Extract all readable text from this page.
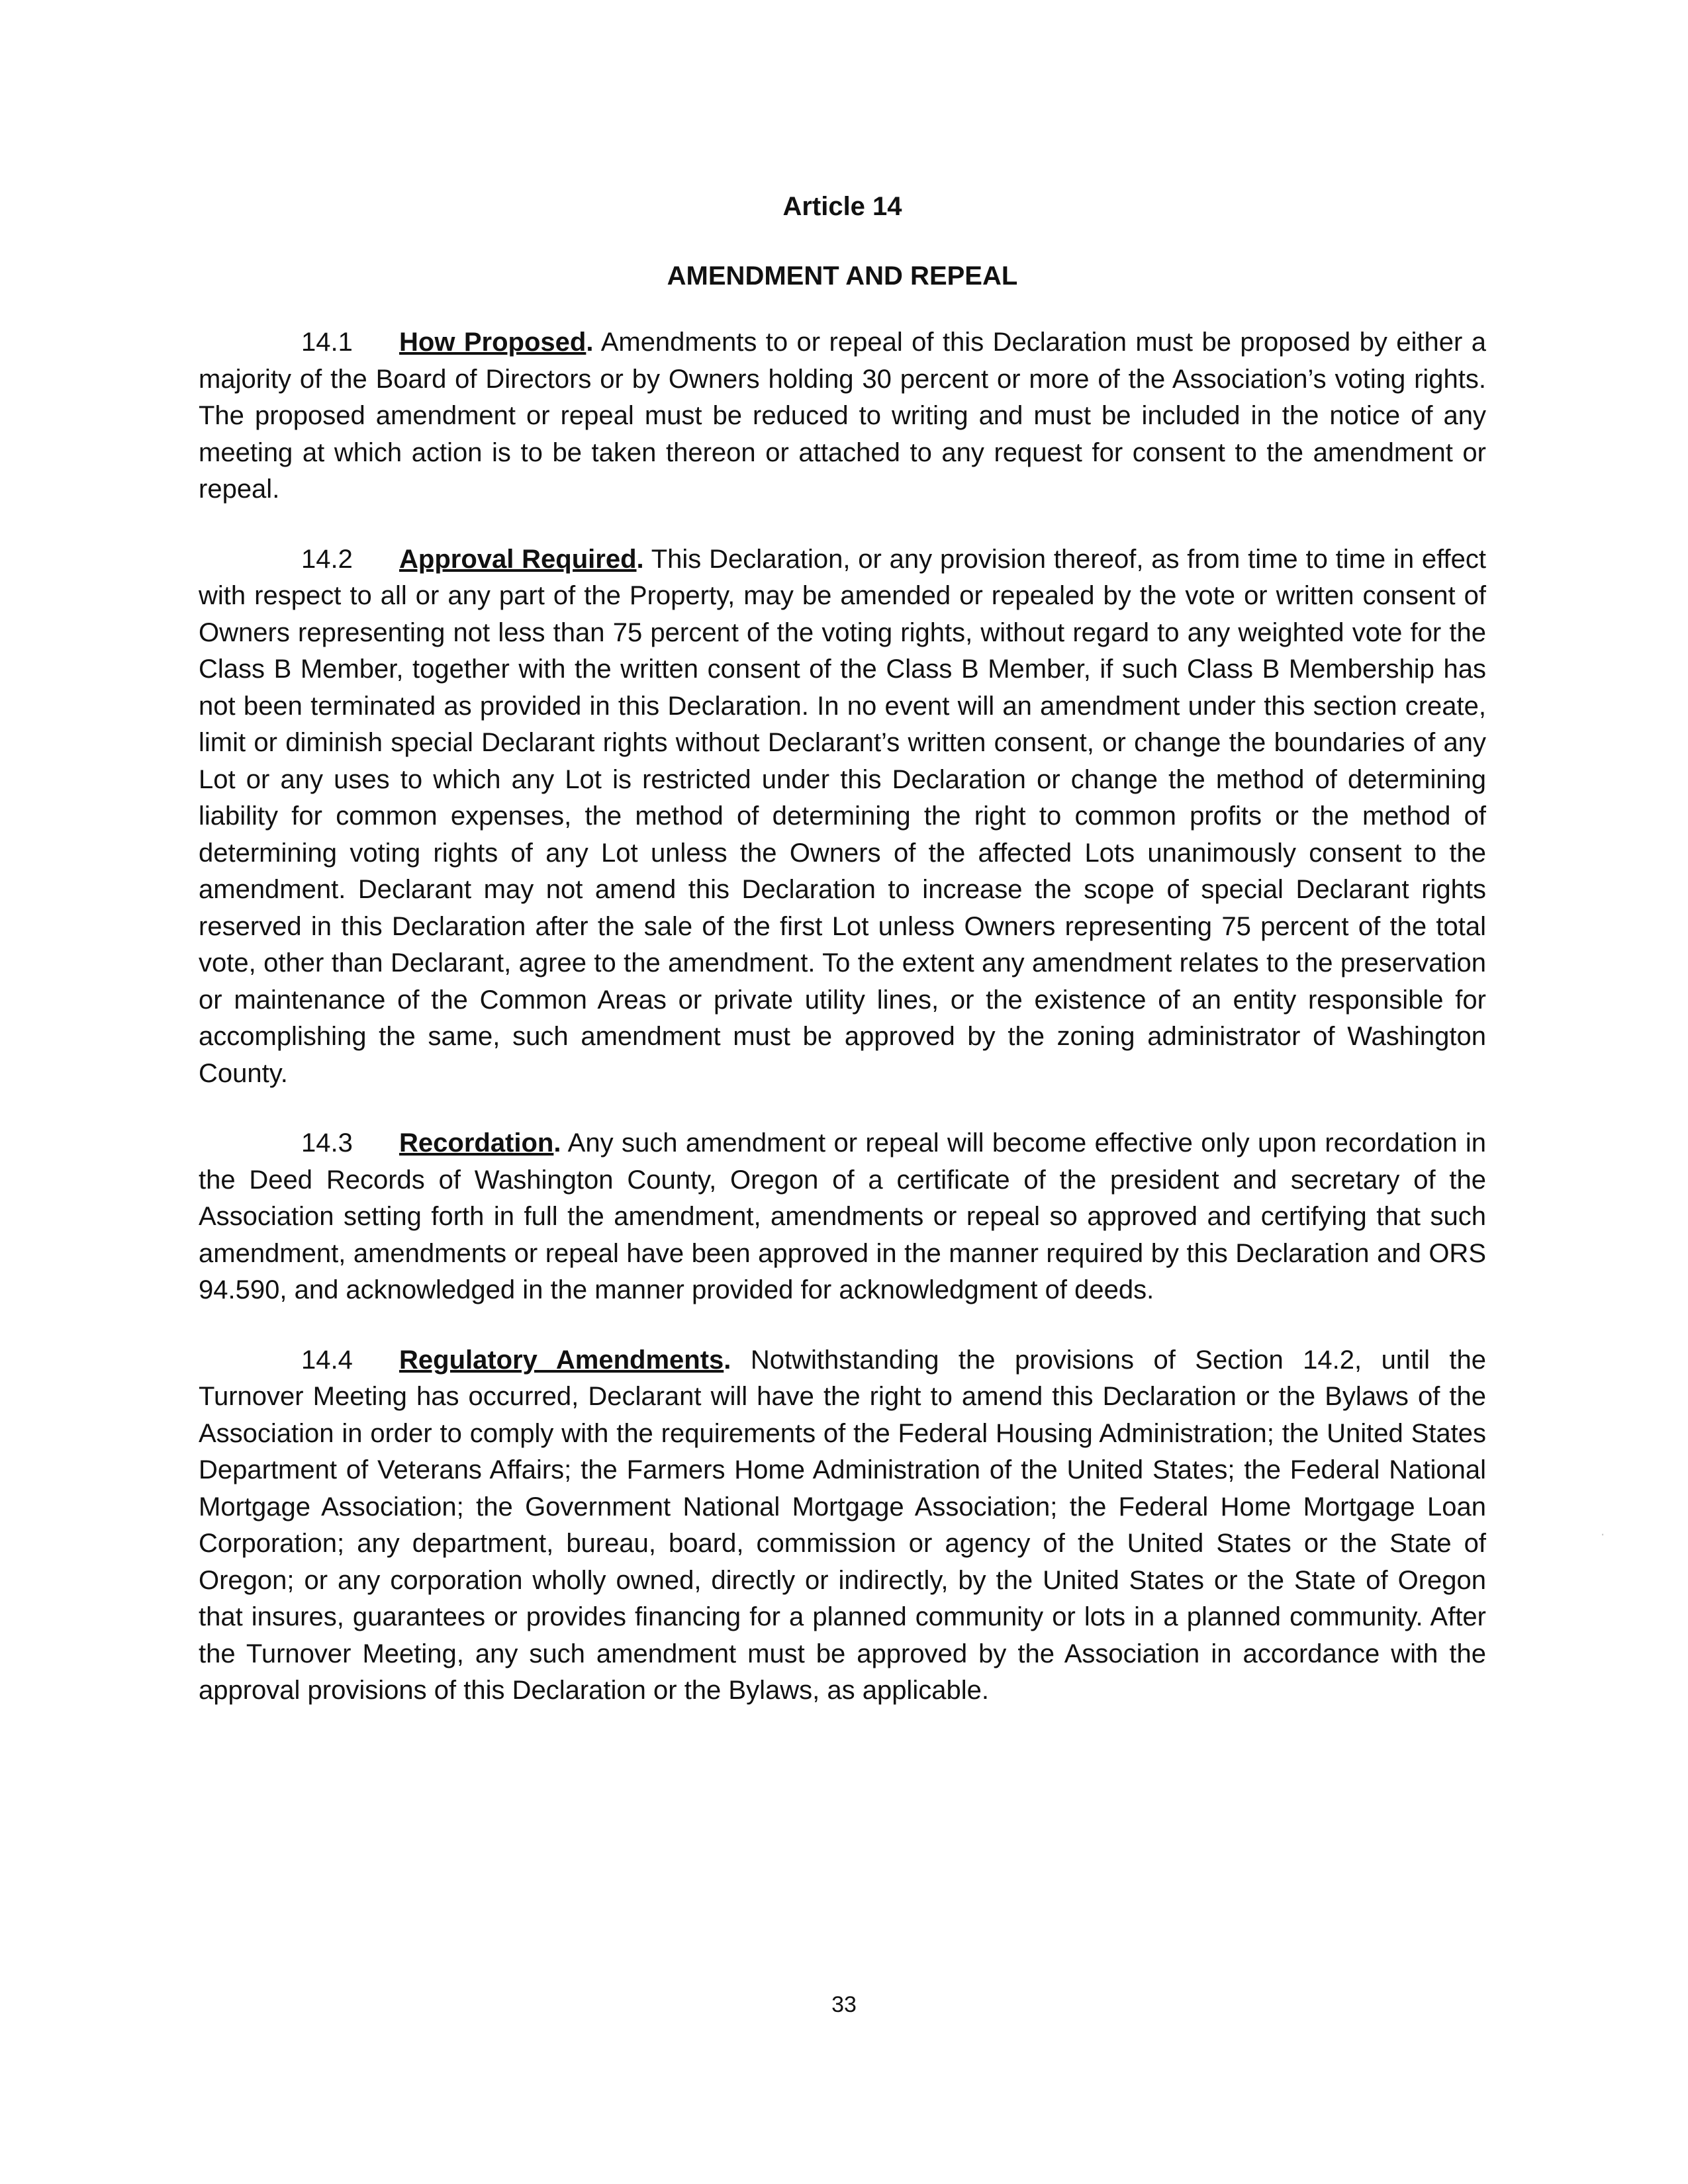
Article 14
AMENDMENT AND REPEAL

14.1 How Proposed. Amendments to or repeal of this Declaration must be proposed by either a majority of the Board of Directors or by Owners holding 30 percent or more of the Association’s voting rights. The proposed amendment or repeal must be reduced to writing and must be included in the notice of any meeting at which action is to be taken thereon or attached to any request for consent to the amendment or repeal.

14.2 Approval Required. This Declaration, or any provision thereof, as from time to time in effect with respect to all or any part of the Property, may be amended or repealed by the vote or written consent of Owners representing not less than 75 percent of the voting rights, without regard to any weighted vote for the Class B Member, together with the written consent of the Class B Member, if such Class B Membership has not been terminated as provided in this Declaration. In no event will an amendment under this section create, limit or diminish special Declarant rights without Declarant’s written consent, or change the boundaries of any Lot or any uses to which any Lot is restricted under this Declaration or change the method of determining liability for common expenses, the method of determining the right to common profits or the method of determining voting rights of any Lot unless the Owners of the affected Lots unanimously consent to the amendment. Declarant may not amend this Declaration to increase the scope of special Declarant rights reserved in this Declaration after the sale of the first Lot unless Owners representing 75 percent of the total vote, other than Declarant, agree to the amendment. To the extent any amendment relates to the preservation or maintenance of the Common Areas or private utility lines, or the existence of an entity responsible for accomplishing the same, such amendment must be approved by the zoning administrator of Washington County.

14.3 Recordation. Any such amendment or repeal will become effective only upon recordation in the Deed Records of Washington County, Oregon of a certificate of the president and secretary of the Association setting forth in full the amendment, amendments or repeal so approved and certifying that such amendment, amendments or repeal have been approved in the manner required by this Declaration and ORS 94.590, and acknowledged in the manner provided for acknowledgment of deeds.

14.4 Regulatory Amendments. Notwithstanding the provisions of Section 14.2, until the Turnover Meeting has occurred, Declarant will have the right to amend this Declaration or the Bylaws of the Association in order to comply with the requirements of the Federal Housing Administration; the United States Department of Veterans Affairs; the Farmers Home Administration of the United States; the Federal National Mortgage Association; the Government National Mortgage Association; the Federal Home Mortgage Loan Corporation; any department, bureau, board, commission or agency of the United States or the State of Oregon; or any corporation wholly owned, directly or indirectly, by the United States or the State of Oregon that insures, guarantees or provides financing for a planned community or lots in a planned community. After the Turnover Meeting, any such amendment must be approved by the Association in accordance with the approval provisions of this Declaration or the Bylaws, as applicable.

.
33
